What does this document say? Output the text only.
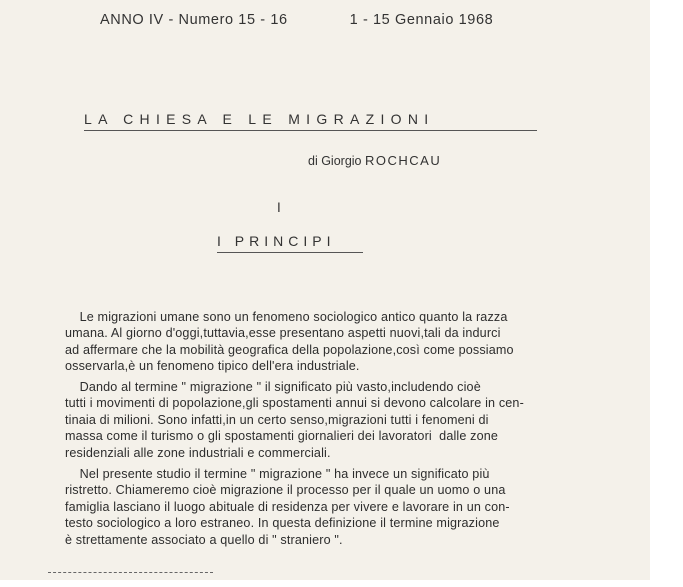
ANNO IV - Numero 15 - 16	1 - 15 Gennaio 1968
LA CHIESA E LE MIGRAZIONI
di Giorgio ROCHCAU
I
I PRINCIPI
Le migrazioni umane sono un fenomeno sociologico antico quanto la razza
umana. Al giorno d'oggi,tuttavia,esse presentano aspetti nuovi,tali da indurci
ad affermare che la mobilità geografica della popolazione,così come possiamo
osservarla,è un fenomeno tipico dell'era industriale.
Dando al termine " migrazione " il significato più vasto,includendo cioè
tutti i movimenti di popolazione,gli spostamenti annui si devono calcolare in cen-
tinaia di milioni. Sono infatti,in un certo senso,migrazioni tutti i fenomeni di
massa come il turismo o gli spostamenti giornalieri dei lavoratori  dalle zone
residenziali alle zone industriali e commerciali.
Nel presente studio il termine " migrazione " ha invece un significato più
ristretto. Chiameremo cioè migrazione il processo per il quale un uomo o una
famiglia lasciano il luogo abituale di residenza per vivere e lavorare in un con-
testo sociologico a loro estraneo. In questa definizione il termine migrazione
è strettamente associato a quello di " straniero ".
